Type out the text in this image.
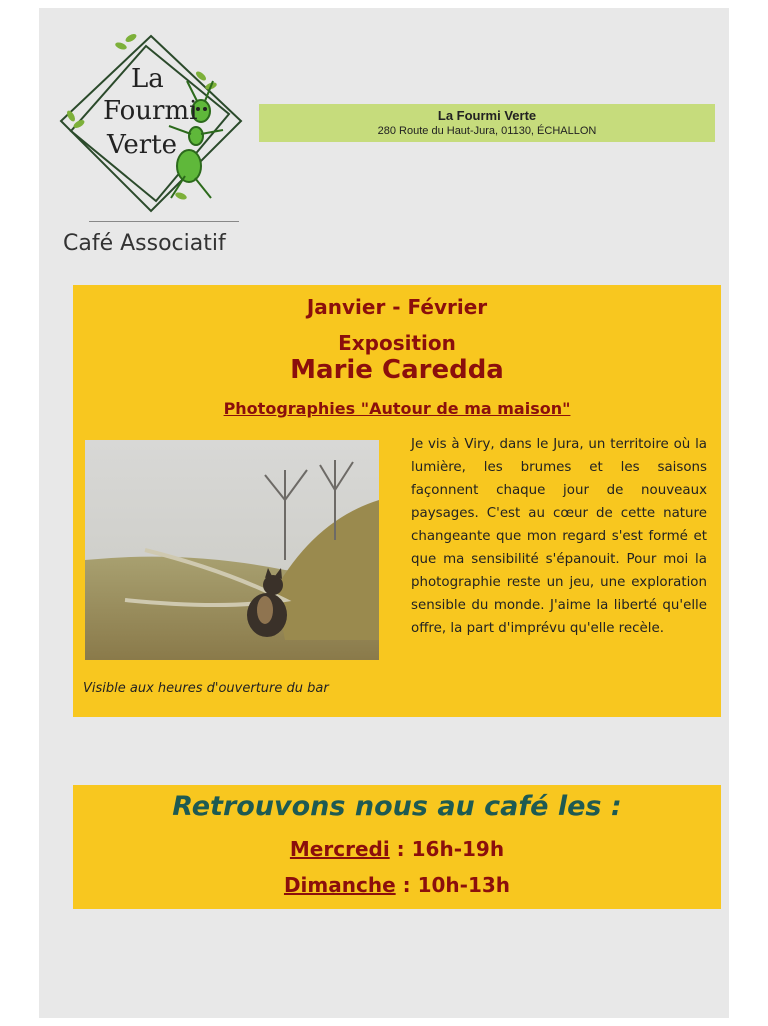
La
Fourmi
Verte
Café Associatif
La Fourmi Verte
280 Route du Haut-Jura, 01130, ÉCHALLON
Janvier - Février
Exposition
Marie Caredda
Photographies "Autour de ma maison"
Visible aux heures d'ouverture du bar
Je vis à Viry, dans le Jura, un territoire où la lumière, les brumes et les saisons façonnent chaque jour de nouveaux paysages. C'est au cœur de cette nature changeante que mon regard s'est formé et que ma sensibilité s'épanouit. Pour moi la photographie reste un jeu, une exploration sensible du monde. J'aime la liberté qu'elle offre, la part d'imprévu qu'elle recèle.
Retrouvons nous au café les :
Mercredi : 16h-19h
Dimanche : 10h-13h
